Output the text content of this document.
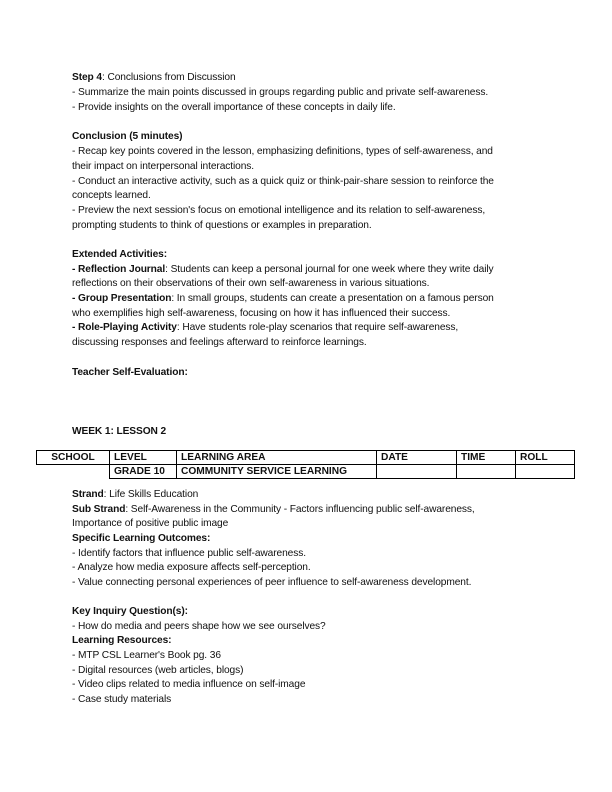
Step 4: Conclusions from Discussion
- Summarize the main points discussed in groups regarding public and private self-awareness.
- Provide insights on the overall importance of these concepts in daily life.
Conclusion (5 minutes)
- Recap key points covered in the lesson, emphasizing definitions, types of self-awareness, and
their impact on interpersonal interactions.
- Conduct an interactive activity, such as a quick quiz or think-pair-share session to reinforce the
concepts learned.
- Preview the next session's focus on emotional intelligence and its relation to self-awareness,
prompting students to think of questions or examples in preparation.
Extended Activities:
- Reflection Journal: Students can keep a personal journal for one week where they write daily
reflections on their observations of their own self-awareness in various situations.
- Group Presentation: In small groups, students can create a presentation on a famous person
who exemplifies high self-awareness, focusing on how it has influenced their success.
- Role-Playing Activity: Have students role-play scenarios that require self-awareness,
discussing responses and feelings afterward to reinforce learnings.
Teacher Self-Evaluation:
WEEK 1: LESSON 2
SCHOOL	LEVEL	LEARNING AREA	DATE	TIME	ROLL
	GRADE 10	COMMUNITY SERVICE LEARNING			
Strand: Life Skills Education
Sub Strand: Self-Awareness in the Community - Factors influencing public self-awareness,
Importance of positive public image
Specific Learning Outcomes:
- Identify factors that influence public self-awareness.
- Analyze how media exposure affects self-perception.
- Value connecting personal experiences of peer influence to self-awareness development.
Key Inquiry Question(s):
- How do media and peers shape how we see ourselves?
Learning Resources:
- MTP CSL Learner's Book pg. 36
- Digital resources (web articles, blogs)
- Video clips related to media influence on self-image
- Case study materials
